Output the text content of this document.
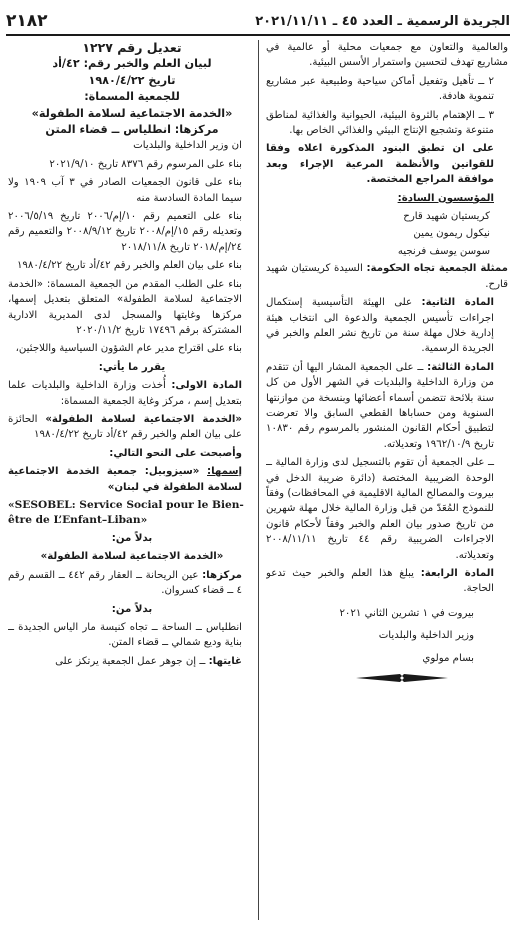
٢١٨٢	الجريدة الرسمية ـ العدد ٤٥ ـ ٢٠٢١/١١/١١

والعالمية والتعاون مع جمعيات محلية أو عالمية في مشاريع تهدف لتحسين واستمرار الأسس البيئية.

٢ ــ تأهيل وتفعيل أماكن سياحية وطبيعية عبر مشاريع تنموية هادفة.

٣ ــ الإهتمام بالثروة البيئية، الحيوانية والغذائية لمناطق متنوعة وتشجيع الإنتاج البيئي والغذائي الخاص بها.

على ان تطبق البنود المذكورة اعلاه وفقا للقوانين والأنظمة المرعية الإجراء وبعد موافقة المراجع المختصة.

المؤسسون السادة:

كريستيان شهيد قارح

نيكول ريمون يمين

سوسن يوسف فرنجيه

ممثلة الجمعية تجاه الحكومة: السيدة كريستيان شهيد قارح.

المادة الثانية: على الهيئة التأسيسية إستكمال اجراءات تأسيس الجمعية والدعوة الى انتخاب هيئة إدارية خلال مهلة سنة من تاريخ نشر العلم والخبر في الجريدة الرسمية.

المادة الثالثة: ــ على الجمعية المشار اليها أن تتقدم من وزارة الداخلية والبلديات في الشهر الأول من كل سنة بلائحة تتضمن أسماء أعضائها وبنسخة من موازنتها السنوية ومن حساباها القطعي السابق والا تعرضت لتطبيق أحكام القانون المنشور بالمرسوم رقم ١٠٨٣٠ تاريخ ١٩٦٢/١٠/٩ وتعديلاته.

ــ على الجمعية أن تقوم بالتسجيل لدى وزارة المالية ــ الوحدة الضريبية المختصة (دائرة ضريبة الدخل في بيروت والمصالح المالية الاقليمية في المحافظات) وفقاً للنموذج المُعَدّ من قبل وزارة المالية خلال مهلة شهرين من تاريخ صدور بيان العلم والخبر وفقاً لأحكام قانون الاجراءات الضريبية رقم ٤٤ تاريخ ٢٠٠٨/١١/١١ وتعديلاته.

المادة الرابعة: يبلغ هذا العلم والخبر حيث تدعو الحاجة.

بيروت في ١ تشرين الثاني ٢٠٢١

وزير الداخلية والبلديات

بسام مولوي

تعديل رقم ١٢٢٧

لبيان العلم والخبر رقم: ٤٢/أد

تاريخ ١٩٨٠/٤/٢٢

للجمعية المسماة:

«الخدمة الاجتماعية لسلامة الطفولة»

مركزها: انطلياس ــ قضاء المتن

ان وزير الداخلية والبلديات

بناء على المرسوم رقم ٨٣٧٦ تاريخ ٢٠٢١/٩/١٠

بناء على قانون الجمعيات الصادر في ٣ آب ١٩٠٩ ولا سيما المادة السادسة منه

بناء على التعميم رقم ١٠/إم/٢٠٠٦ تاريخ ٢٠٠٦/٥/١٩ وتعديله رقم ١٥/إم/٢٠٠٨ تاريخ ٢٠٠٨/٩/١٢ والتعميم رقم ٢٤/إم/٢٠١٨ تاريخ ٢٠١٨/١١/٨

بناء على بيان العلم والخبر رقم ٤٢/أد تاريخ ١٩٨٠/٤/٢٢

بناء على الطلب المقدم من الجمعية المسماة: «الخدمة الاجتماعية لسلامة الطفولة» المتعلق بتعديل إسمها، مركزها وغايتها والمسجل لدى المديرية الادارية المشتركة برقم ١٧٤٩٦ تاريخ ٢٠٢٠/١١/٢

بناء على اقتراح مدير عام الشؤون السياسية واللاجئين،

يقرر ما يأتي:

المادة الاولى: أُخذت وزارة الداخلية والبلديات علما بتعديل إسم ، مركز وغاية الجمعية المسماة:

«الخدمة الاجتماعية لسلامة الطفولة» الحائزة على بيان العلم والخبر رقم ٤٢/أد تاريخ ١٩٨٠/٤/٢٢

وأصبحت على النحو التالي:

إسمها: «سيزوبيل: جمعية الخدمة الاجتماعية لسلامة الطفولة في لبنان»

«SESOBEL: Service Social pour le Bien-être de L’Enfant–Liban»

بدلاً من:

«الخدمة الاجتماعية لسلامة الطفولة»

مركزها: عين الريحانة ــ العقار رقم ٤٤٢ ــ القسم رقم ٤ ــ قضاء كسروان.

بدلاً من:

انطلياس ــ الساحة ــ تجاه كنيسة مار الياس الجديدة ــ بناية وديع شمالي ــ قضاء المتن.

غايتها: ــ إن جوهر عمل الجمعية يرتكز على
